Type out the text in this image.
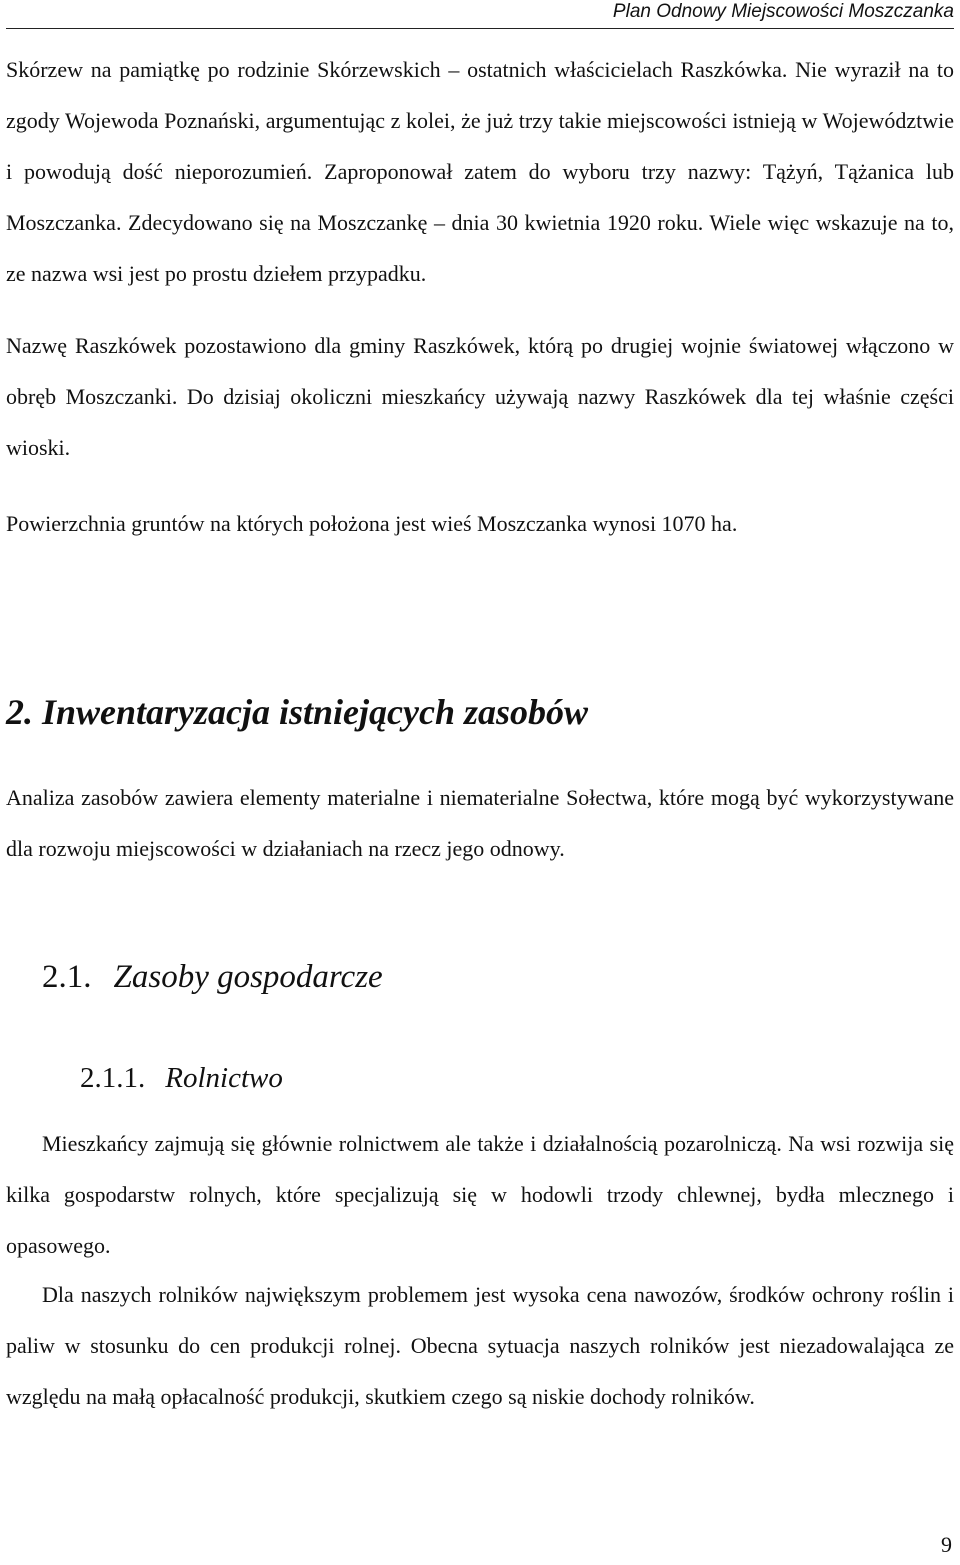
Plan Odnowy Miejscowości Moszczanka

Skórzew na pamiątkę po rodzinie Skórzewskich – ostatnich właścicielach Raszkówka. Nie wyraził na to zgody Wojewoda Poznański, argumentując z kolei, że już trzy takie miejscowości istnieją w Województwie i powodują dość nieporozumień. Zaproponował zatem do wyboru trzy nazwy: Tążyń, Tążanica lub Moszczanka. Zdecydowano się na Moszczankę – dnia 30 kwietnia 1920 roku. Wiele więc wskazuje na to, ze nazwa wsi jest po prostu dziełem przypadku.

Nazwę Raszkówek pozostawiono dla gminy Raszkówek, którą po drugiej wojnie światowej włączono w obręb Moszczanki. Do dzisiaj okoliczni mieszkańcy używają nazwy Raszkówek dla tej właśnie części wioski.

Powierzchnia gruntów na których położona jest wieś Moszczanka wynosi 1070 ha.

2. Inwentaryzacja istniejących zasobów

Analiza zasobów zawiera elementy materialne i niematerialne Sołectwa, które mogą być wykorzystywane dla rozwoju miejscowości w działaniach na rzecz jego odnowy.

2.1. Zasoby gospodarcze
2.1.1. Rolnictwo

Mieszkańcy zajmują się głównie rolnictwem ale także i działalnością pozarolniczą. Na wsi rozwija się kilka gospodarstw rolnych, które specjalizują się w hodowli trzody chlewnej, bydła mlecznego i opasowego.

Dla naszych rolników największym problemem jest wysoka cena nawozów, środków ochrony roślin i paliw w stosunku do cen produkcji rolnej. Obecna sytuacja naszych rolników jest niezadowalająca ze względu na małą opłacalność produkcji, skutkiem czego są niskie dochody rolników.

9
